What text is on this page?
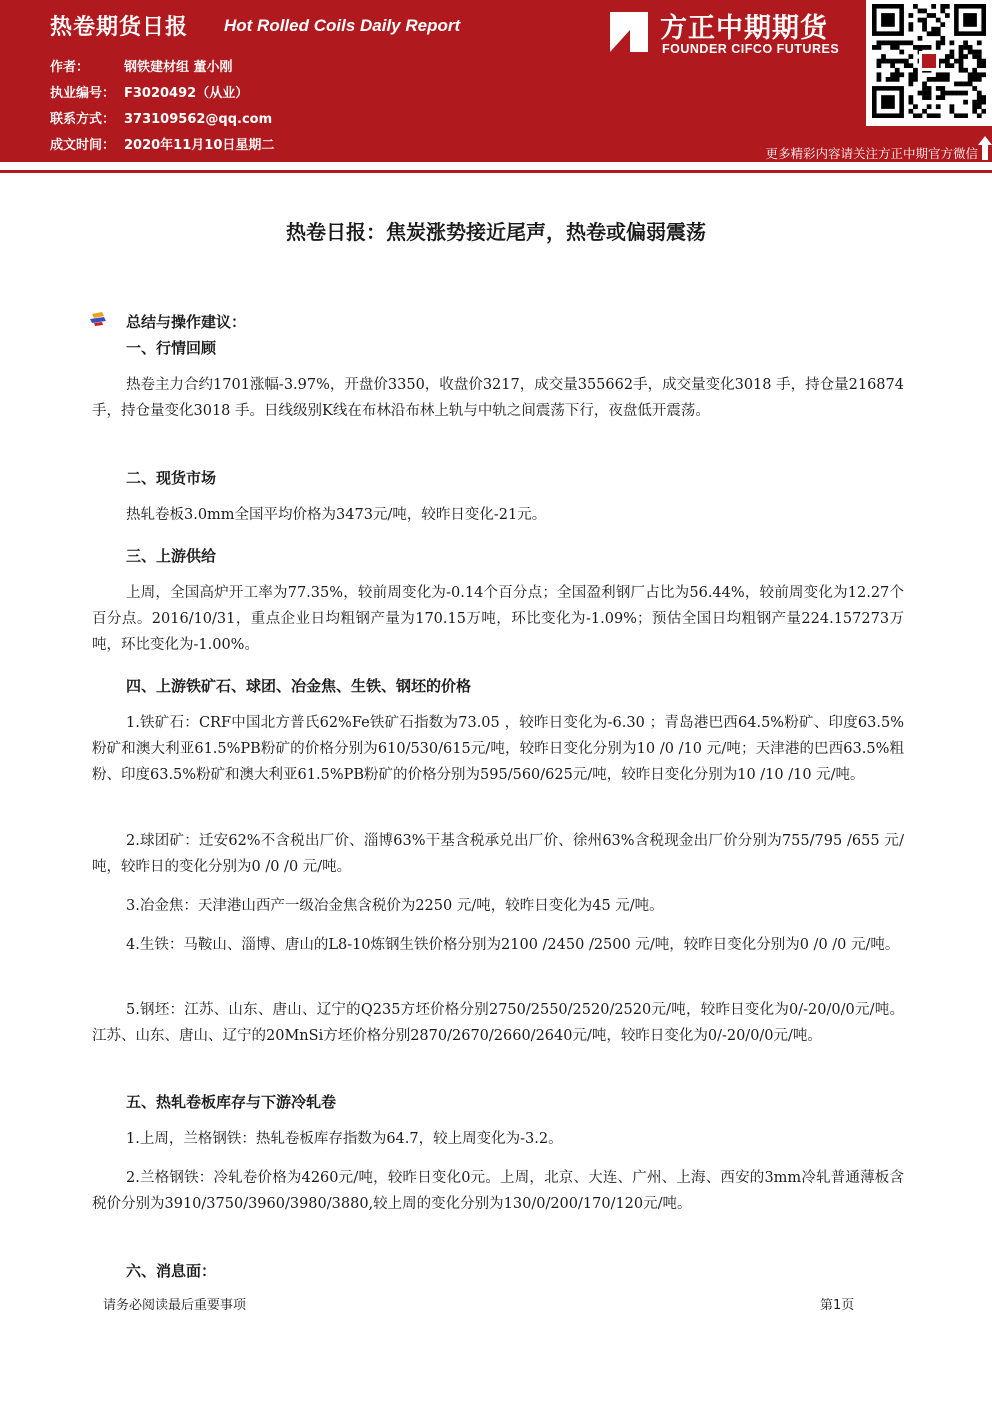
热卷期货日报 Hot Rolled Coils Daily Report
作者：	钢铁建材组 董小刚
执业编号： F3020492（从业）
联系方式： 373109562@qq.com
成文时间： 2020年11月10日星期二
方正中期期货
FOUNDER CIFCO FUTURES
更多精彩内容请关注方正中期官方微信
热卷日报：焦炭涨势接近尾声，热卷或偏弱震荡
总结与操作建议：
一、行情回顾
热卷主力合约1701涨幅-3.97%，开盘价3350，收盘价3217，成交量355662手，成交量变化3018 手，持仓量216874 手，持仓量变化3018 手。日线级别K线在布林沿布林上轨与中轨之间震荡下行，夜盘低开震荡。
二、现货市场
热轧卷板3.0mm全国平均价格为3473元/吨，较昨日变化-21元。
三、上游供给
上周，全国高炉开工率为77.35%，较前周变化为-0.14个百分点；全国盈利钢厂占比为56.44%，较前周变化为12.27个百分点。2016/10/31，重点企业日均粗钢产量为170.15万吨，环比变化为-1.09%；预估全国日均粗钢产量224.157273万吨，环比变化为-1.00%。
四、上游铁矿石、球团、冶金焦、生铁、钢坯的价格
1.铁矿石：CRF中国北方普氏62%Fe铁矿石指数为73.05 ，较昨日变化为-6.30 ；青岛港巴西64.5%粉矿、印度63.5%粉矿和澳大利亚61.5%PB粉矿的价格分别为610/530/615元/吨，较昨日变化分别为10 /0 /10 元/吨；天津港的巴西63.5%粗粉、印度63.5%粉矿和澳大利亚61.5%PB粉矿的价格分别为595/560/625元/吨，较昨日变化分别为10 /10 /10 元/吨。
2.球团矿：迁安62%不含税出厂价、淄博63%干基含税承兑出厂价、徐州63%含税现金出厂价分别为755/795 /655 元/吨，较昨日的变化分别为0 /0 /0 元/吨。
3.冶金焦：天津港山西产一级冶金焦含税价为2250 元/吨，较昨日变化为45 元/吨。
4.生铁：马鞍山、淄博、唐山的L8-10炼钢生铁价格分别为2100 /2450 /2500 元/吨，较昨日变化分别为0 /0 /0 元/吨。
5.钢坯：江苏、山东、唐山、辽宁的Q235方坯价格分别2750/2550/2520/2520元/吨，较昨日变化为0/-20/0/0元/吨。江苏、山东、唐山、辽宁的20MnSi方坯价格分别2870/2670/2660/2640元/吨，较昨日变化为0/-20/0/0元/吨。
五、热轧卷板库存与下游冷轧卷
1.上周，兰格钢铁：热轧卷板库存指数为64.7，较上周变化为-3.2。
2.兰格钢铁：冷轧卷价格为4260元/吨，较昨日变化0元。上周，北京、大连、广州、上海、西安的3mm冷轧普通薄板含税价分别为3910/3750/3960/3980/3880,较上周的变化分别为130/0/200/170/120元/吨。
六、消息面：
请务必阅读最后重要事项	第1页
